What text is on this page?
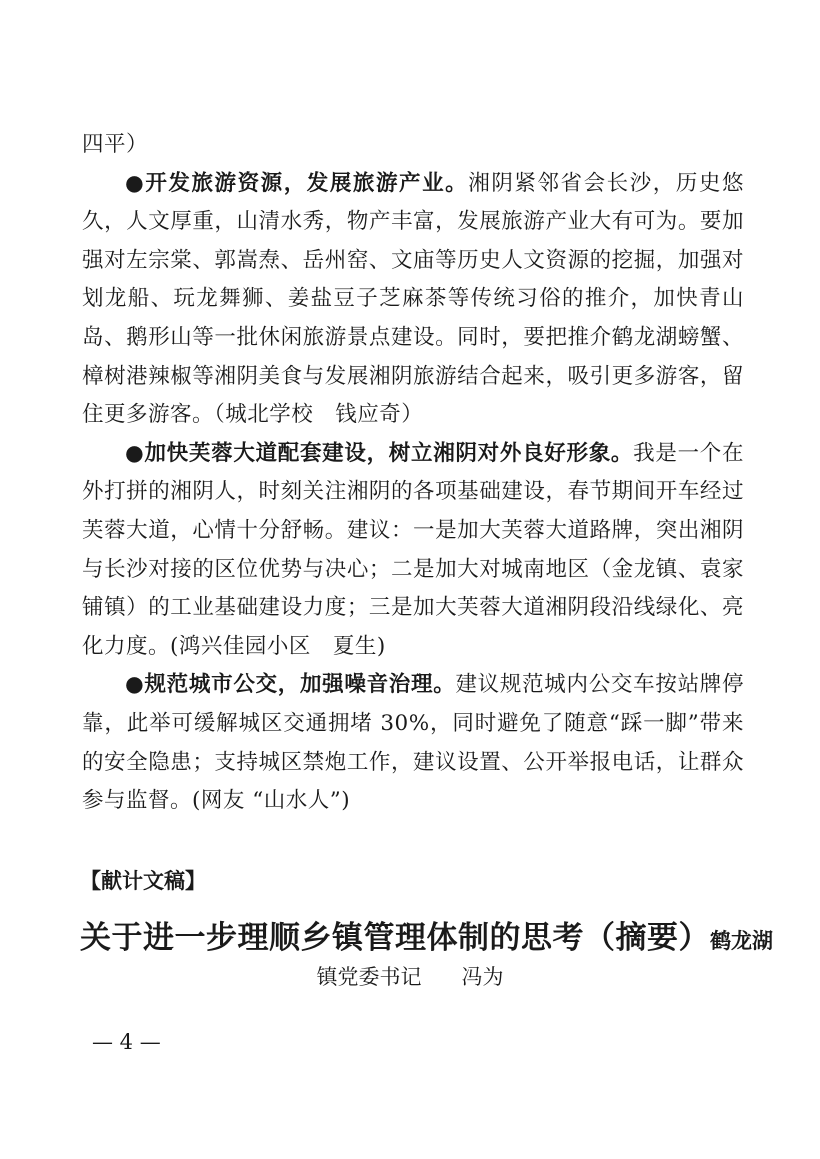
四平）

●开发旅游资源，发展旅游产业。湘阴紧邻省会长沙，历史悠久，人文厚重，山清水秀，物产丰富，发展旅游产业大有可为。要加强对左宗棠、郭嵩焘、岳州窑、文庙等历史人文资源的挖掘，加强对划龙船、玩龙舞狮、姜盐豆子芝麻茶等传统习俗的推介，加快青山岛、鹅形山等一批休闲旅游景点建设。同时，要把推介鹤龙湖螃蟹、樟树港辣椒等湘阴美食与发展湘阴旅游结合起来，吸引更多游客，留住更多游客。（城北学校　钱应奇）

●加快芙蓉大道配套建设，树立湘阴对外良好形象。我是一个在外打拼的湘阴人，时刻关注湘阴的各项基础建设，春节期间开车经过芙蓉大道，心情十分舒畅。建议：一是加大芙蓉大道路牌，突出湘阴与长沙对接的区位优势与决心；二是加大对城南地区（金龙镇、袁家铺镇）的工业基础建设力度；三是加大芙蓉大道湘阴段沿线绿化、亮化力度。(鸿兴佳园小区　夏生)

●规范城市公交，加强噪音治理。建议规范城内公交车按站牌停靠，此举可缓解城区交通拥堵 30%，同时避免了随意“踩一脚”带来的安全隐患；支持城区禁炮工作，建议设置、公开举报电话，让群众参与监督。(网友 “山水人”)

【献计文稿】

关于进一步理顺乡镇管理体制的思考（摘要）鹤龙湖

镇党委书记 冯为

— 4 —
